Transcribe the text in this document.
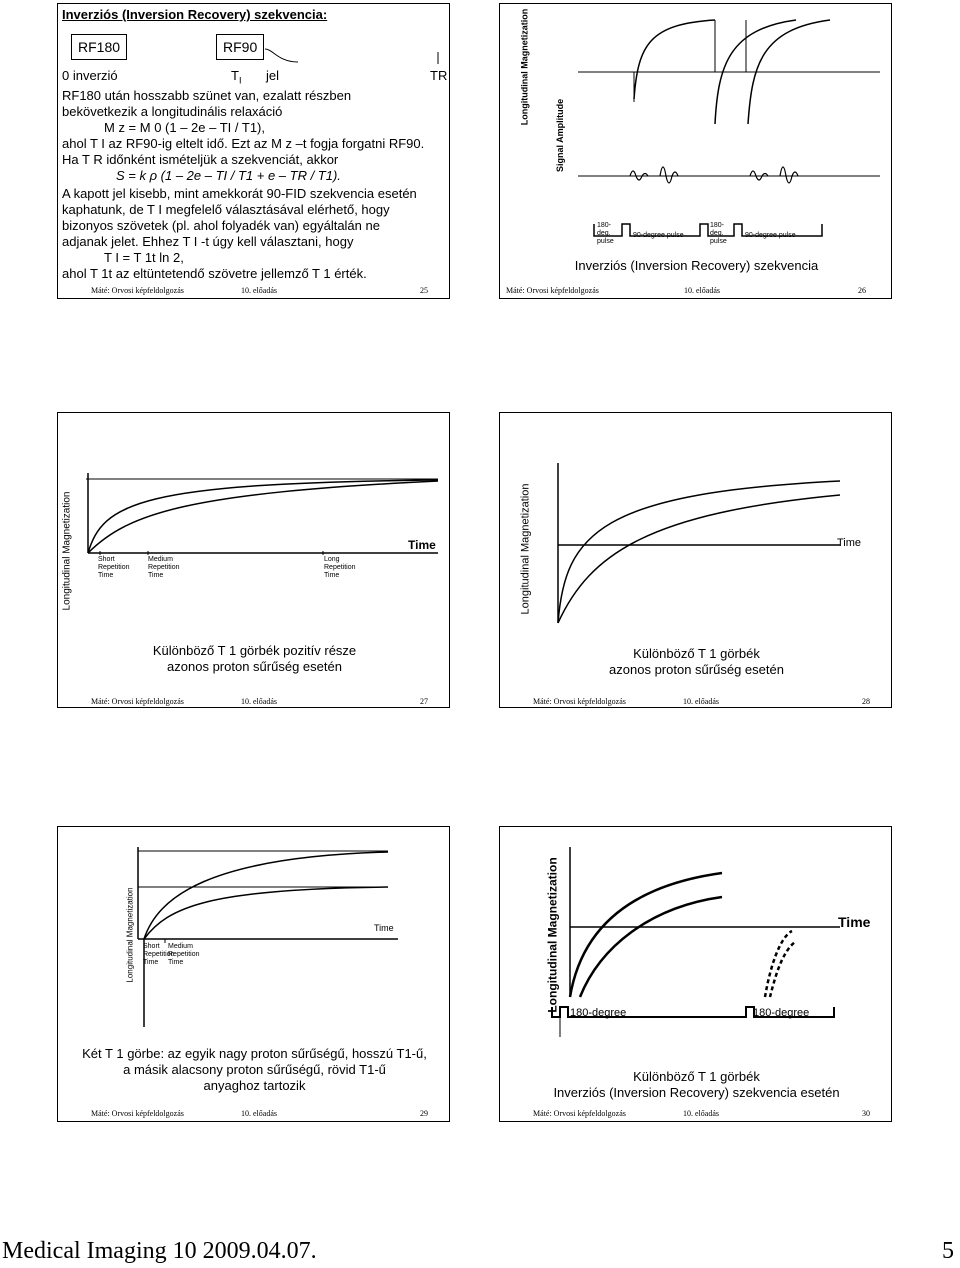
Inverziós (Inversion Recovery) szekvencia:
RF180	RF90
0 inverzió	$T_I$ jel	TR
RF180 után hosszabb szünet van, ezalatt részben
bekövetkezik a longitudinális relaxáció
M z = M 0 (1 – 2e – TI / T1),
ahol T I az RF90-ig eltelt idő. Ezt az M z –t fogja forgatni RF90.
Ha T R időnként ismételjük a szekvenciát, akkor
S = k ρ (1 – 2e – TI / T1 + e – TR / T1).
A kapott jel kisebb, mint amekkorát 90-FID szekvencia esetén
kaphatunk, de T I megfelelő választásával elérhető, hogy
bizonyos szövetek (pl. ahol folyadék van) egyáltalán ne
adjanak jelet. Ehhez T I -t úgy kell választani, hogy
T I = T 1t ln 2,
ahol T 1t az eltüntetendő szövetre jellemző T 1 érték.
Máté: Orvosi képfeldolgozás	10. előadás	25
Longitudinal Magnetization
Signal Amplitude
180-deg. pulse
90-degree pulse
180-deg. pulse
90-degree pulse
Inverziós (Inversion Recovery) szekvencia
Máté: Orvosi képfeldolgozás	10. előadás	26
Longitudinal Magnetization	Time
Short Repetition Time
Medium Repetition Time
Long Repetition Time
Különböző T 1 görbék pozitív része
azonos proton sűrűség esetén
Máté: Orvosi képfeldolgozás	10. előadás	27
Longitudinal Magnetization	Time
Különböző T 1 görbék
azonos proton sűrűség esetén
Máté: Orvosi képfeldolgozás	10. előadás	28
Longitudinal Magnetization	Time
Short Repetition Time
Medium Repetition Time
Két T 1 görbe: az egyik nagy proton sűrűségű, hosszú T1-ű,
a másik alacsony proton sűrűségű, rövid T1-ű
anyaghoz tartozik
Máté: Orvosi képfeldolgozás	10. előadás	29
Longitudinal Magnetization	Time
180-degree	180-degree
Különböző T 1 görbék
Inverziós (Inversion Recovery) szekvencia esetén
Máté: Orvosi képfeldolgozás	10. előadás	30
Medical Imaging 10 2009.04.07.	5
